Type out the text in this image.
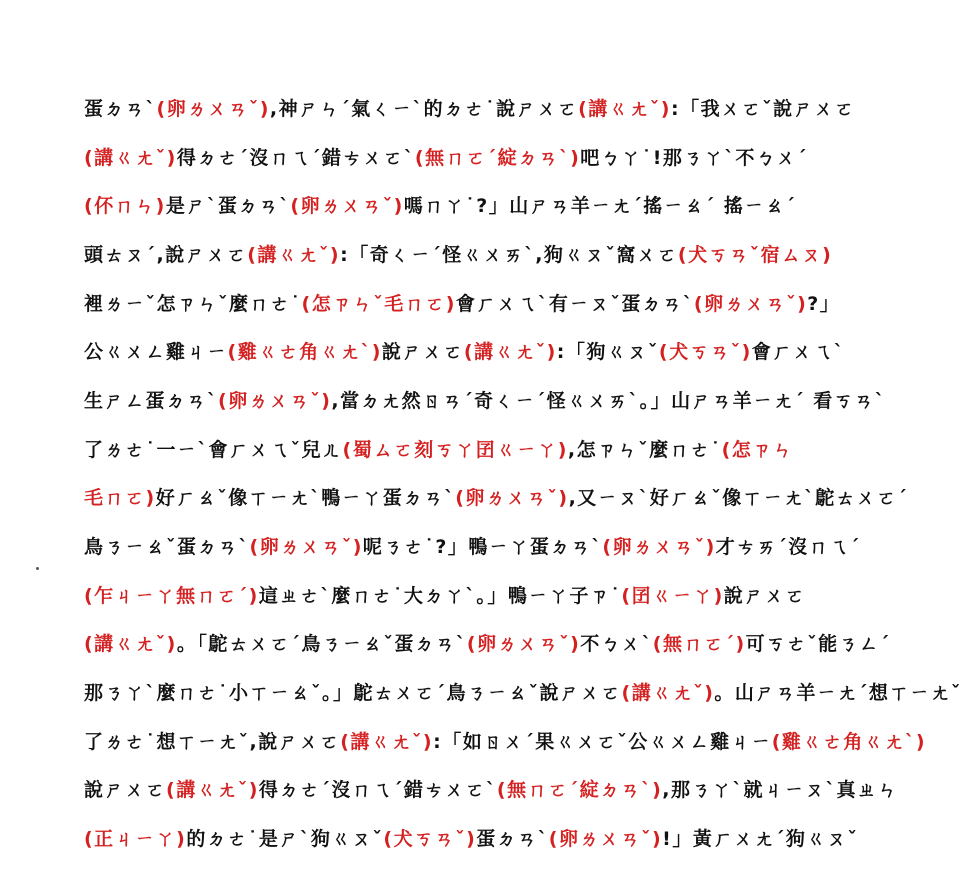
蛋ㄉㄢˋ (卵ㄌㄨㄢˇ) ,神ㄕㄣˊ氣ㄑㄧˋ的ㄉㄜ˙說ㄕㄨㄛ (講ㄍㄤˇ) :「我ㄨㄛˇ說ㄕㄨㄛ
(講ㄍㄤˇ) 得ㄉㄜˊ沒ㄇㄟˊ錯ㄘㄨㄛˋ (無ㄇㄛˊ綻ㄉㄢˋ) 吧ㄅㄚ˙!那ㄋㄚˋ不ㄅㄨˊ
(伓ㄇㄣ) 是ㄕˋ蛋ㄉㄢˋ (卵ㄌㄨㄢˇ) 嗎ㄇㄚ˙?」山ㄕㄢ羊ㄧㄤˊ搖ㄧㄠˊ 搖ㄧㄠˊ
頭ㄊㄡˊ,說ㄕㄨㄛ (講ㄍㄤˇ) :「奇ㄑㄧˊ怪ㄍㄨㄞˋ,狗ㄍㄡˇ窩ㄨㄛ (犬ㄎㄢˇ宿ㄙㄡ)
裡ㄌㄧˇ怎ㄗㄣˇ麼ㄇㄜ˙ (怎ㄗㄣˇ毛ㄇㄛ) 會ㄏㄨㄟˋ有ㄧㄡˇ蛋ㄉㄢˋ (卵ㄌㄨㄢˇ) ?」
公ㄍㄨㄥ雞ㄐㄧ (雞ㄍㄜ角ㄍㄤˋ) 說ㄕㄨㄛ (講ㄍㄤˇ) :「狗ㄍㄡˇ (犬ㄎㄢˇ) 會ㄏㄨㄟˋ
生ㄕㄥ蛋ㄉㄢˋ (卵ㄌㄨㄢˇ) ,當ㄉㄤ然ㄖㄢˊ奇ㄑㄧˊ怪ㄍㄨㄞˋ。」山ㄕㄢ羊ㄧㄤˊ 看ㄎㄢˋ
了ㄌㄜ˙一ㄧˋ會ㄏㄨㄟˇ兒ㄦ (蜀ㄙㄛ刻ㄎㄚ囝ㄍㄧㄚ) ,怎ㄗㄣˇ麼ㄇㄜ˙ (怎ㄗㄣ
毛ㄇㄛ) 好ㄏㄠˇ像ㄒㄧㄤˋ鴨ㄧㄚ蛋ㄉㄢˋ (卵ㄌㄨㄢˇ) ,又ㄧㄡˋ好ㄏㄠˇ像ㄒㄧㄤˋ鴕ㄊㄨㄛˊ
鳥ㄋㄧㄠˇ蛋ㄉㄢˋ (卵ㄌㄨㄢˇ) 呢ㄋㄜ˙?」鴨ㄧㄚ蛋ㄉㄢˋ (卵ㄌㄨㄢˇ) 才ㄘㄞˊ沒ㄇㄟˊ
(乍ㄐㄧㄚ無ㄇㄛˊ) 這ㄓㄜˋ麼ㄇㄜ˙大ㄉㄚˋ。」鴨ㄧㄚ子ㄗ˙ (囝ㄍㄧㄚ) 說ㄕㄨㄛ
(講ㄍㄤˇ) 。「鴕ㄊㄨㄛˊ鳥ㄋㄧㄠˇ蛋ㄉㄢˋ (卵ㄌㄨㄢˇ) 不ㄅㄨˋ (無ㄇㄛˊ) 可ㄎㄜˇ能ㄋㄥˊ
那ㄋㄚˋ麼ㄇㄜ˙小ㄒㄧㄠˇ。」鴕ㄊㄨㄛˊ鳥ㄋㄧㄠˇ說ㄕㄨㄛ (講ㄍㄤˇ) 。山ㄕㄢ羊ㄧㄤˊ想ㄒㄧㄤˇ
了ㄌㄜ˙想ㄒㄧㄤˇ,說ㄕㄨㄛ (講ㄍㄤˇ) :「如ㄖㄨˊ果ㄍㄨㄛˇ公ㄍㄨㄥ雞ㄐㄧ (雞ㄍㄜ角ㄍㄤˋ)
說ㄕㄨㄛ (講ㄍㄤˇ) 得ㄉㄜˊ沒ㄇㄟˊ錯ㄘㄨㄛˋ (無ㄇㄛˊ綻ㄉㄢˋ) ,那ㄋㄚˋ就ㄐㄧㄡˋ真ㄓㄣ
(正ㄐㄧㄚ) 的ㄉㄜ˙是ㄕˋ狗ㄍㄡˇ (犬ㄎㄢˇ) 蛋ㄉㄢˋ (卵ㄌㄨㄢˇ) !」黃ㄏㄨㄤˊ狗ㄍㄡˇ
